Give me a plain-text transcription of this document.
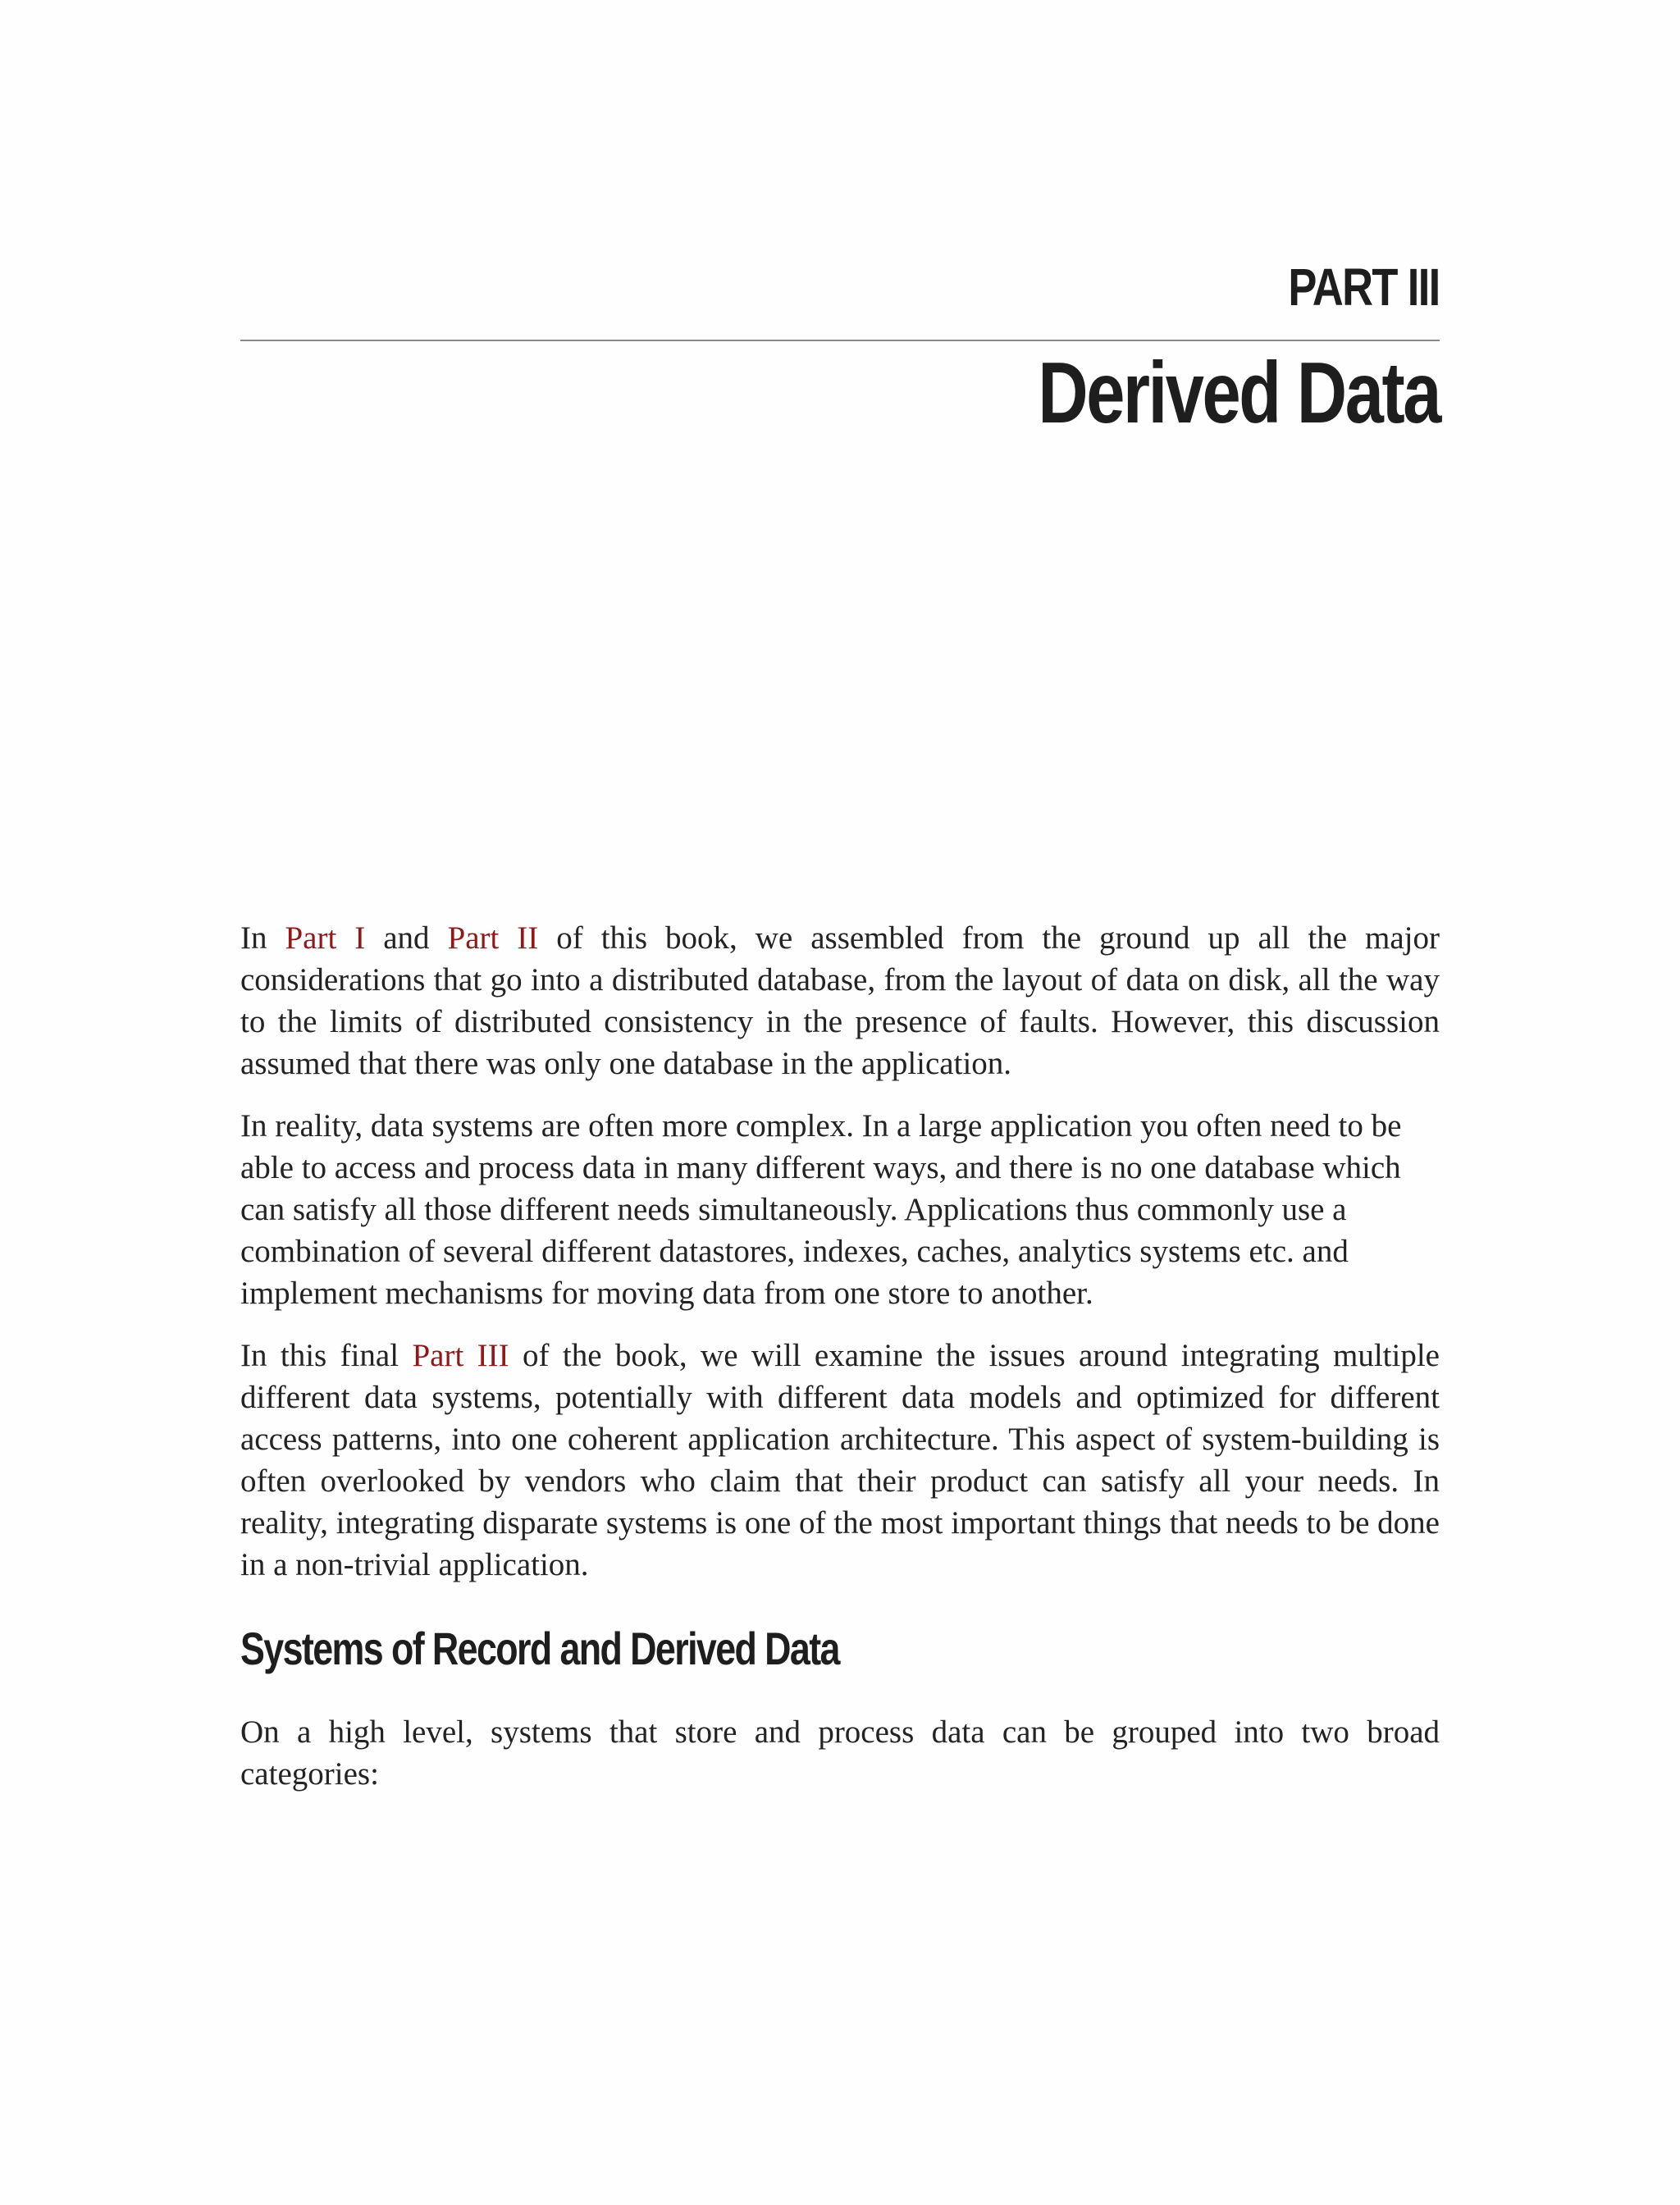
PART III
Derived Data

In Part I and Part II of this book, we assembled from the ground up all the major considerations that go into a distributed database, from the layout of data on disk, all the way to the limits of distributed consistency in the presence of faults. However, this discussion assumed that there was only one database in the application.

In reality, data systems are often more complex. In a large application you often need to be able to access and process data in many different ways, and there is no one database which can satisfy all those different needs simultaneously. Applications thus commonly use a combination of several different datastores, indexes, caches, analytics systems etc. and implement mechanisms for moving data from one store to another.

In this final Part III of the book, we will examine the issues around integrating multiple different data systems, potentially with different data models and optimized for different access patterns, into one coherent application architecture. This aspect of system-building is often overlooked by vendors who claim that their product can satisfy all your needs. In reality, integrating disparate systems is one of the most important things that needs to be done in a non-trivial application.

Systems of Record and Derived Data

On a high level, systems that store and process data can be grouped into two broad categories:
